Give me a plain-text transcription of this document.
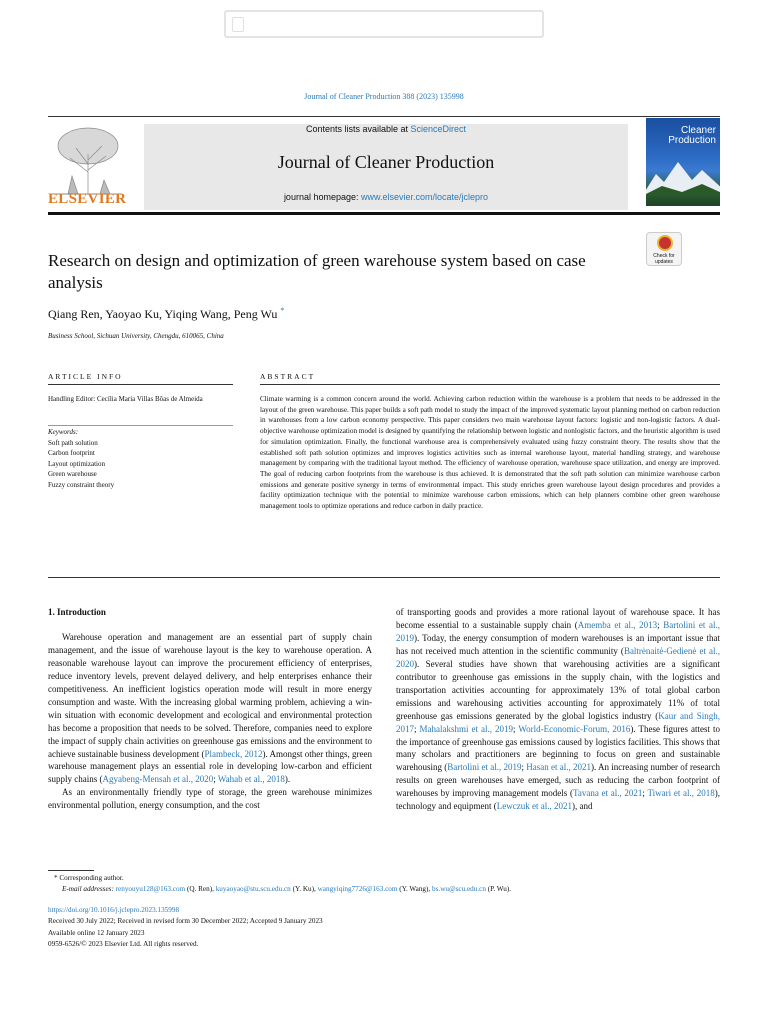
Journal of Cleaner Production 388 (2023) 135998
ELSEVIER
Contents lists available at ScienceDirect
Journal of Cleaner Production
journal homepage: www.elsevier.com/locate/jclepro
Cleaner
Production
Research on design and optimization of green warehouse system based on case analysis
Check for updates
Qiang Ren, Yaoyao Ku, Yiqing Wang, Peng Wu *
Business School, Sichuan University, Chengdu, 610065, China
ARTICLE INFO	ABSTRACT
Handling Editor: Cecília Maria Villas Bôas de Almeida
Keywords:
Soft path solution
Carbon footprint
Layout optimization
Green warehouse
Fuzzy constraint theory
Climate warming is a common concern around the world. Achieving carbon reduction within the warehouse is a problem that needs to be addressed in the layout of the green warehouse. This paper builds a soft path model to study the impact of the improved systematic layout planning method on carbon reduction in warehouses from a low carbon economy perspective. This paper considers two main warehouse layout factors: logistic and non-logistic factors. A dual-objective warehouse optimization model is designed by quantifying the relationship between logistic and nonlogistic factors, and the heuristic algorithm is used for simulation optimization. Finally, the functional warehouse area is comprehensively evaluated using fuzzy constraint theory. The results show that the established soft path solution optimizes and improves logistics activities such as internal warehouse layout, material handling strategy, and warehouse management by comparing with the traditional layout method. The efficiency of warehouse operation, warehouse space utilization, and energy are improved. The goal of reducing carbon footprints from the warehouse is thus achieved. It is demonstrated that the soft path solution can minimize warehouse carbon emissions and generate positive synergy in terms of environmental impact. This study enriches green warehouse layout design procedures and provides a facility optimization technique with the potential to minimize warehouse carbon emissions, which can help planners combine other green warehouse management tools to optimize operations and reduce carbon in daily practice.
1. Introduction

Warehouse operation and management are an essential part of supply chain management, and the issue of warehouse layout is the key to warehouse operation. A reasonable warehouse layout can improve the procurement efficiency of enterprises, reduce inventory levels, prevent delayed delivery, and help enterprises enhance their competitiveness. An inefficient logistics operation mode will result in more energy consumption and waste. With the increasing global warming problem, achieving a win-win situation with economic development and ecological and environmental protection has become a proposition that needs to be solved. Therefore, companies need to explore the impact of supply chain activities on greenhouse gas emissions and the environment to achieve sustainable business development (Plambeck, 2012). Amongst other things, green warehouse management plays an essential role in developing low-carbon and efficient supply chains (Agyabeng-Mensah et al., 2020; Wahab et al., 2018).

As an environmentally friendly type of storage, the green warehouse minimizes environmental pollution, energy consumption, and the cost

of transporting goods and provides a more rational layout of warehouse space. It has become essential to a sustainable supply chain (Amemba et al., 2013; Bartolini et al., 2019). Today, the energy consumption of modern warehouses is an important issue that has not received much attention in the scientific community (Baltrėnaitė-Gedienė et al., 2020). Several studies have shown that warehousing activities are a significant contributor to greenhouse gas emissions in the supply chain, with the logistics and transportation activities accounting for approximately 13% of total global carbon emissions and warehousing activities accounting for approximately 11% of total greenhouse gas emissions generated by the global logistics industry (Kaur and Singh, 2017; Mahalakshmi et al., 2019; World-Economic-Forum, 2016). These figures attest to the importance of greenhouse gas emissions caused by logistics facilities. This shows that many scholars and practitioners are beginning to focus on green and sustainable warehousing (Bartolini et al., 2019; Hasan et al., 2021). An increasing number of research results on green warehouses have emerged, such as reducing the carbon footprint of warehouses by improving management models (Tavana et al., 2021; Tiwari et al., 2018), technology and equipment (Lewczuk et al., 2021), and

* Corresponding author.
E-mail addresses: renyouyu128@163.com (Q. Ren), kuyaoyao@stu.scu.edu.cn (Y. Ku), wangyiqing7726@163.com (Y. Wang), bs.wu@scu.edu.cn (P. Wu).
https://doi.org/10.1016/j.jclepro.2023.135998
Received 30 July 2022; Received in revised form 30 December 2022; Accepted 9 January 2023
Available online 12 January 2023
0959-6526/© 2023 Elsevier Ltd. All rights reserved.
